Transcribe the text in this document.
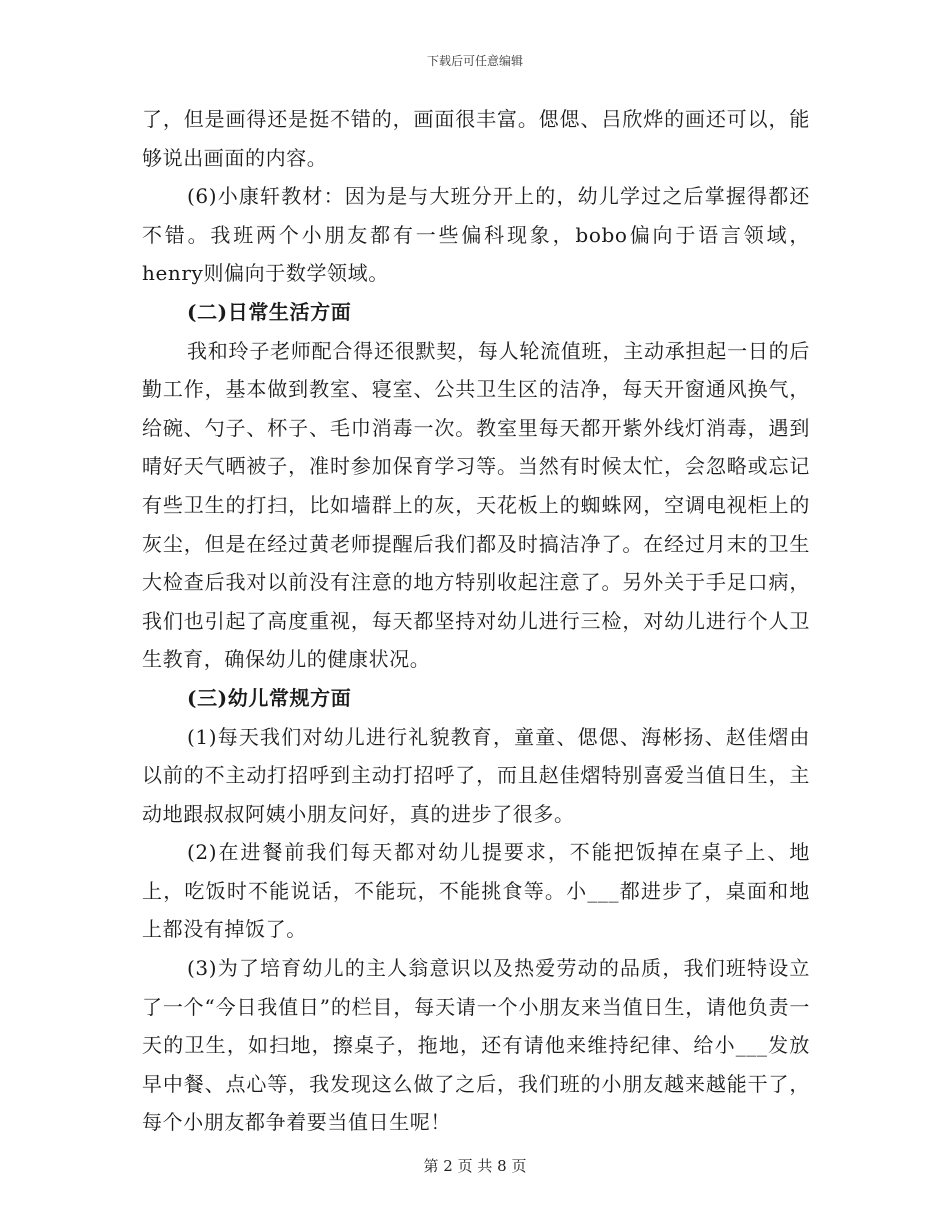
下载后可任意编辑

了，但是画得还是挺不错的，画面很丰富。偲偲、吕欣烨的画还可以，能够说出画面的内容。

(6)小康轩教材：因为是与大班分开上的，幼儿学过之后掌握得都还不错。我班两个小朋友都有一些偏科现象，bobo偏向于语言领域，henry则偏向于数学领域。

(二)日常生活方面

我和玲子老师配合得还很默契，每人轮流值班，主动承担起一日的后勤工作，基本做到教室、寝室、公共卫生区的洁净，每天开窗通风换气，给碗、勺子、杯子、毛巾消毒一次。教室里每天都开紫外线灯消毒，遇到晴好天气晒被子，准时参加保育学习等。当然有时候太忙，会忽略或忘记有些卫生的打扫，比如墙群上的灰，天花板上的蜘蛛网，空调电视柜上的灰尘，但是在经过黄老师提醒后我们都及时搞洁净了。在经过月末的卫生大检查后我对以前没有注意的地方特别收起注意了。另外关于手足口病，我们也引起了高度重视，每天都坚持对幼儿进行三检，对幼儿进行个人卫生教育，确保幼儿的健康状况。

(三)幼儿常规方面

(1)每天我们对幼儿进行礼貌教育，童童、偲偲、海彬扬、赵佳熠由以前的不主动打招呼到主动打招呼了，而且赵佳熠特别喜爱当值日生，主动地跟叔叔阿姨小朋友问好，真的进步了很多。

(2)在进餐前我们每天都对幼儿提要求，不能把饭掉在桌子上、地上，吃饭时不能说话，不能玩，不能挑食等。小___都进步了，桌面和地上都没有掉饭了。

(3)为了培育幼儿的主人翁意识以及热爱劳动的品质，我们班特设立了一个“今日我值日”的栏目，每天请一个小朋友来当值日生，请他负责一天的卫生，如扫地，擦桌子，拖地，还有请他来维持纪律、给小___发放早中餐、点心等，我发现这么做了之后，我们班的小朋友越来越能干了，每个小朋友都争着要当值日生呢！

第 2 页 共 8 页
